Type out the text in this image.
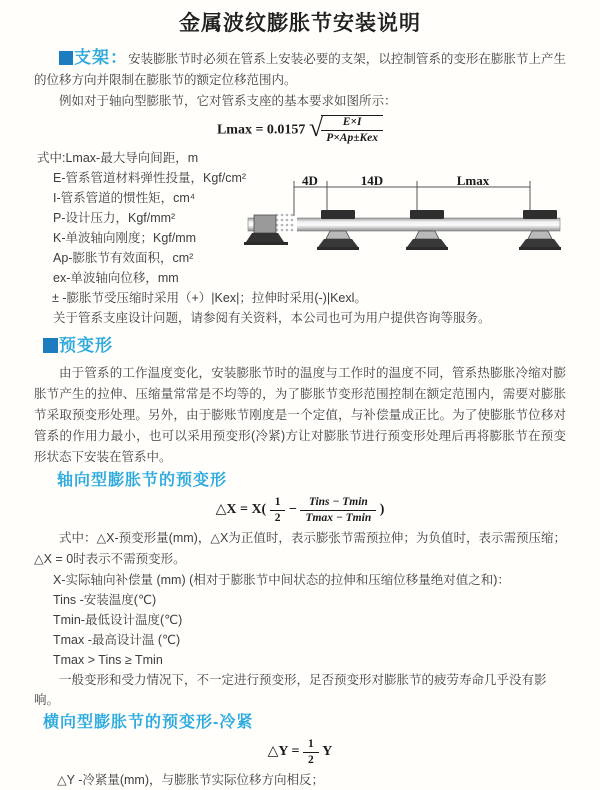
金属波纹膨胀节安装说明

支架：安装膨胀节时必须在管系上安装必要的支架，以控制管系的变形在膨胀节上产生的位移方向并限制在膨胀节的额定位移范围内。

例如对于轴向型膨胀节，它对管系支座的基本要求如图所示：

Lmax = 0.0157 √
$\frac{E\times I}{\text{P×Ap±Kex}}$

式中:Lmax-最大导向间距，m

E-管系管道材料弹性投量，Kgf/cm²

I-管系管道的惯性矩，cm⁴

P-设计压力，Kgf/mm²

K-单波轴向刚度；Kgf/mm

Ap-膨胀节有效面积，cm²

ex-单波轴向位移，mm

± -膨胀节受压缩时采用（+）|Kex|；拉伸时采用(-)|Kexl。

4D	14D	Lmax

关于管系支座设计问题，请参阅有关资料，本公司也可为用户提供咨询等服务。

预变形

由于管系的工作温度变化，安装膨胀节时的温度与工作时的温度不同，管系热膨胀冷缩对膨胀节产生的拉伸、压缩量常常是不均等的，为了膨胀节变形范围控制在额定范围内，需要对膨胀节采取预变形处理。另外，由于膨账节刚度是一个定值，与补偿量成正比。为了使膨胀节位移对管系的作用力最小，也可以采用预变形(冷紧)方让对膨胀节进行预变形处理后再将膨胀节在预变形状态下安装在管系中。

轴向型膨胀节的预变形
△X = $X( \frac{1}{2} - \frac{\text{Tins − Tmin}}{Tmax - Tmin}$ )

式中：△X-预变形量(mm)，△X为正值时，表示膨张节需预拉伸；为负值时，表示需预压缩；△X = 0时表示不需预变形。

X-实际轴向补偿量 (mm) (相对于膨胀节中间状态的拉伸和压缩位移量绝对值之和)：

Tins -安装温度(℃)

Tmin-最低设计温度(℃)

Tmax -最高设计温 (℃)

Tmax > Tins ≥ Tmin

一般变形和受力情况下，不一定进行预变形，足否预变形对膨胀节的疲劳寿命几乎没有影响。

横向型膨胀节的预变形-冷紧
△Y = $\frac{1}{2}$ Y

△Y -冷紧量(mm)，与膨胀节实际位移方向相反；
